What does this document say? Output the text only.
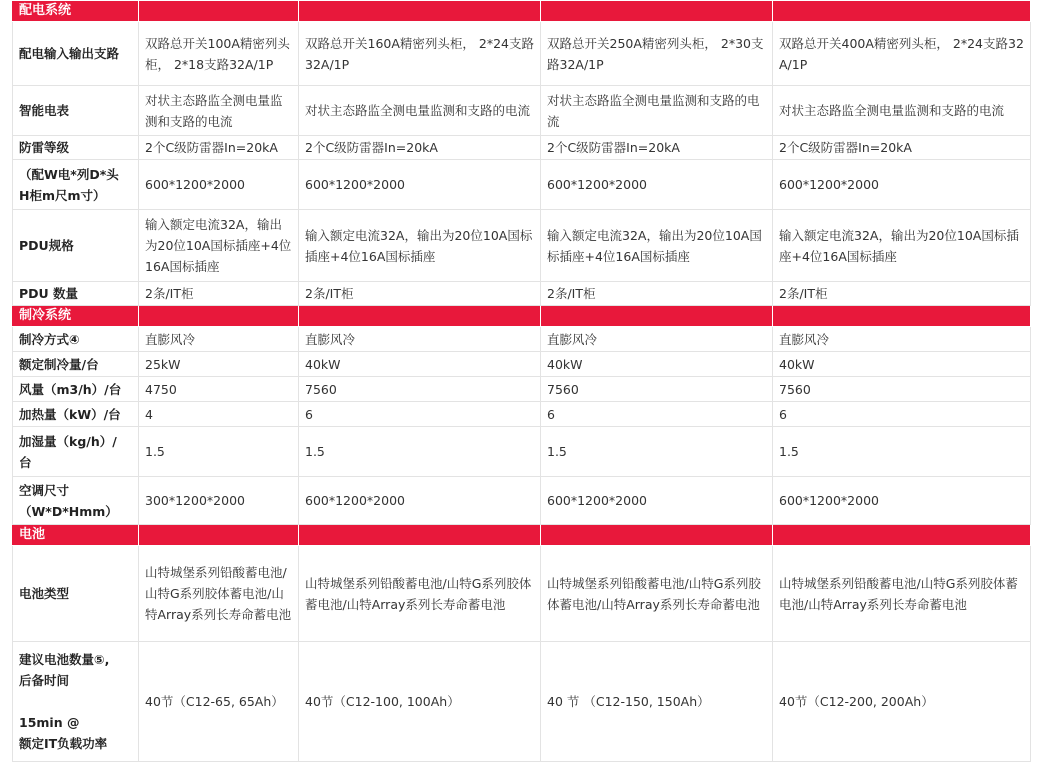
配电系统				

配电输入输出支路	双路总开关100A精密列头柜， 2*18支路32A/1P	双路总开关160A精密列头柜， 2*24支路32A/1P	双路总开关250A精密列头柜， 2*30支路32A/1P	双路总开关400A精密列头柜， 2*24支路32A/1P

智能电表	对状主态路监全测电量监测和支路的电流	对状主态路监全测电量监测和支路的电流	对状主态路监全测电量监测和支路的电流	对状主态路监全测电量监测和支路的电流

防雷等级	2个C级防雷器In=20kA	2个C级防雷器In=20kA	2个C级防雷器In=20kA	2个C级防雷器In=20kA

（配W电*列D*头
H柜m尺m寸）	600*1200*2000	600*1200*2000	600*1200*2000	600*1200*2000

PDU规格	输入额定电流32A，输出为20位10A国标插座+4位16A国标插座	输入额定电流32A，输出为20位10A国标插座+4位16A国标插座	输入额定电流32A，输出为20位10A国标插座+4位16A国标插座	输入额定电流32A，输出为20位10A国标插座+4位16A国标插座

PDU 数量	2条/IT柜	2条/IT柜	2条/IT柜	2条/IT柜
制冷系统				

制冷方式④	直膨风冷	直膨风冷	直膨风冷	直膨风冷

额定制冷量/台	25kW	40kW	40kW	40kW

风量（m3/h）/台	4750	7560	7560	7560

加热量（kW）/台	4	6	6	6

加湿量（kg/h）/
台	1.5	1.5	1.5	1.5

空调尺寸
（W*D*Hmm）	300*1200*2000	600*1200*2000	600*1200*2000	600*1200*2000
电池				

电池类型	山特城堡系列铅酸蓄电池/山特G系列胶体蓄电池/山特Array系列长寿命蓄电池	山特城堡系列铅酸蓄电池/山特G系列胶体蓄电池/山特Array系列长寿命蓄电池	山特城堡系列铅酸蓄电池/山特G系列胶体蓄电池/山特Array系列长寿命蓄电池	山特城堡系列铅酸蓄电池/山特G系列胶体蓄电池/山特Array系列长寿命蓄电池

建议电池数量⑤,
后备时间
15min @
额定IT负载功率	40节（C12-65, 65Ah）	40节（C12-100, 100Ah）	40 节 （C12-150, 150Ah）	40节（C12-200, 200Ah）
